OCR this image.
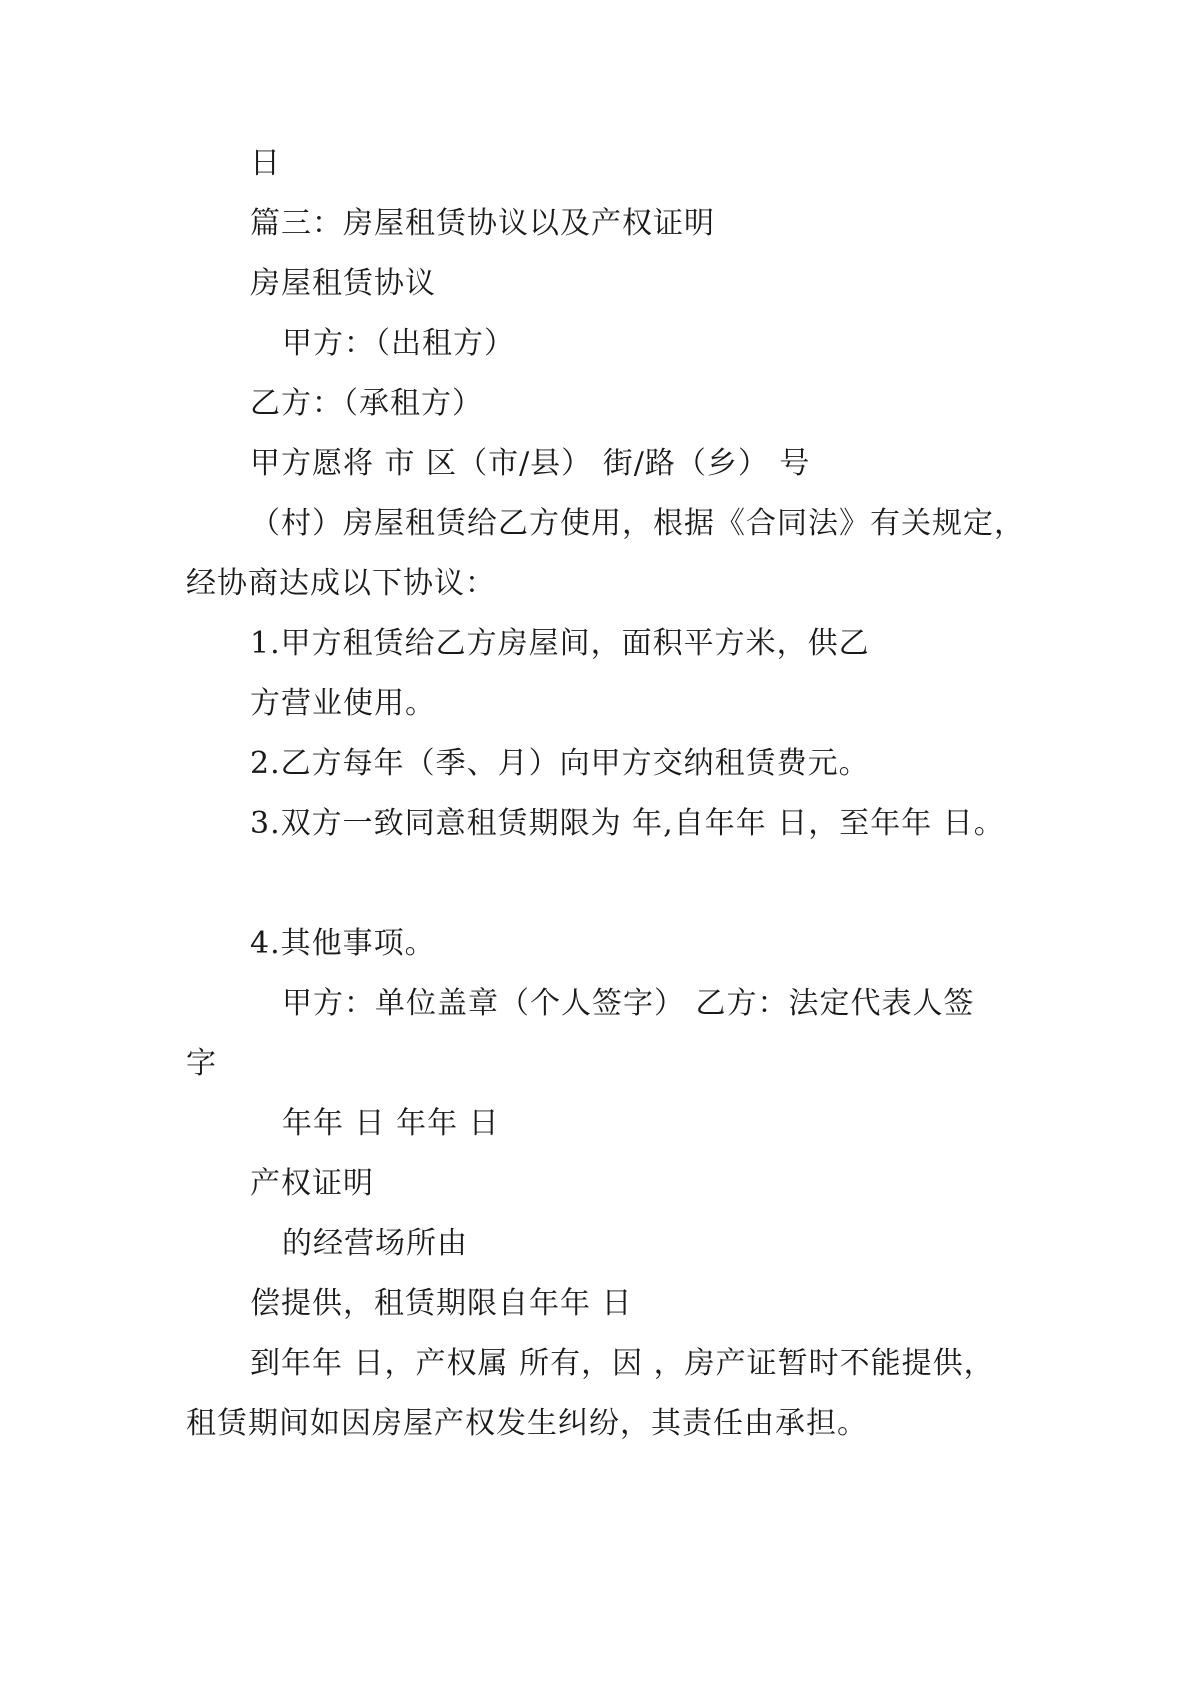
日
篇三：房屋租赁协议以及产权证明
房屋租赁协议
甲方：（出租方）
乙方：（承租方）
甲方愿将 市 区（市/县） 街/路（乡） 号
（村）房屋租赁给乙方使用，根据《合同法》有关规定，
经协商达成以下协议：
1.甲方租赁给乙方房屋间，面积平方米，供乙
方营业使用。
2.乙方每年（季、月）向甲方交纳租赁费元。
3.双方一致同意租赁期限为 年,自年年 日，至年年 日。
4.其他事项。
甲方：单位盖章（个人签字） 乙方：法定代表人签
字
年年 日 年年 日
产权证明
的经营场所由
偿提供，租赁期限自年年 日
到年年 日，产权属 所有，因 ，房产证暂时不能提供，
租赁期间如因房屋产权发生纠纷，其责任由承担。
